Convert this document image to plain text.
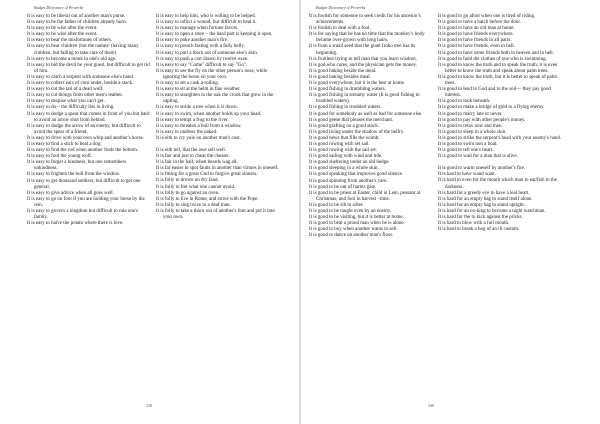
Budget Dictionary of Proverbs
It is easy to be liberal out of another man's purse.
It is easy to be the father of children already born.
It is easy to be wise after the event.
It is easy to be wise after the event.
It is easy to bear the misfortunes of others.
It is easy to bear children (but the names! (having many children, but falling to take care of them)
It is easy to become a monk in one's old age.
It is easy to bid the devil be your guest, but difficult to get rid of him.
It is easy to catch a serpent with someone else's hand.
It is easy to collect ears of corn under, beside a stack.
It is easy to cut the tail of a dead wolf.
It is easy to cut thongs from other men's leather.
It is easy to despise what you can't get.
It is easy to do – the difficulty lies in living.
It is easy to dodge a spear that comes in front of you but hard to avoid an arrow shot from behind.
It is easy to dodge the arrow of an enemy, but difficult to avoid the spear of a friend.
It is easy to drive with your own whip and another's horse.
It is easy to find a stick to beat a dog.
It is easy to find the rod when another finds the bottom.
It is easy to fool the young wolf.
It is easy to forget a kindness, but one remembers unkindness.
It is easy to frighten the bull from the window.
It is easy to get thousand soldiers, but difficult to get one general.
It is easy to give advice when all goes well.
It is easy to go on foot if you are holding your horse by the rein.
It is easy to govern a kingdom but difficult to rule one's family.
It is easy to halve the potato where there is love.
It is easy to help him, who is willing to be helped.
It is easy to inflict a wound, but difficult to heal it.
It is easy to manage when fortune favors.
It is easy to open a store – the hard part is keeping it open.
It is easy to poke another man's fire.
It is easy to preach fasting with a fully belly.
It is easy to pull a thorn out of someone else's skin.
It is easy to push a cart drawn by twelve oxen.
It is easy to say "Come" difficult to say "Go".
It is easy to see the fly on the other person's nose, while ignoring the horse on your own.
It is easy to set a cask a-rolling.
It is easy to sit at the helm in fine weather.
It is easy to straighten in the oak the crook that grew in the sapling.
It is easy to stride a tree when it is down.
It is easy to swim, when another holds up your head.
It is easy to tempt a frog to the river.
It is easy to threaten a bull from a window.
It is easy to undress the naked.
It is eith to cry yule on another man's cost.
It is eith tell, that the awe sell well.
It is fair and just to cheat the cheater.
It is fair in the hall, when beards wag all.
It is far easier to spot faults in another than virtues in oneself.
It is fitting for a great God to forgive great sinners.
It is folly to drown on dry land.
It is folly to fret what one cannot avoid.
It is folly to go against an oven.
It is folly to live in Rome, and strive with the Pope.
It is folly to sing twice to a deaf man.
It is folly to take a thorn out of another's foot and put it into your own.
338
Budget Dictionary of Proverbs
It is foolish for someone to seek credit for his ancestor's achievements.
It is foolish to deal with a fool.
It is for saying that he has no time that the monkey's body became over-grown with long hairs.
It is from a small seed that the giant Iroko tree has its beginning.
It is fruitless trying to tell man that you learn wisdom.
It is god who cures, and the physician gets the money.
It is good baking beside the meal.
It is good baking besides meal.
It is good everywhere, but it is the best at home.
It is good fishing in drumbling waters.
It is good fishing in streamy water (It is good fishing in troubled waters).
It is good fishing in troubled waters.
It is good for somebody as well as bad for someone else.
It is good geese that pleases the merchant.
It is good grafting on a good stock.
It is good living under the shadow of the belfry.
It is good news that fills the womb.
It is good rowing with set sail.
It is good rowing with the sail set.
It is good sailing with wind and tide.
It is good sheltering under an old hedge.
It is good sleeping in a whole skin.
It is good speaking that improves good silence.
It is good spinning from another's yarn.
It is good to be out of harms gate.
It is good to be priest at Easter, child in Lent, peasant at Christmas, and fool in harvest –time.
It is good to be sib to siller.
It is good to be taught even by an enemy.
It is good to be visiting, but it is better at home.
It is good to beat a proud man when he is alone.
It is good to buy when another wants to sell.
It is good to dance on another man's floor.
It is good to go afoot when one is tired of riding.
It is good to have a hatch before the door.
It is good to have an old man at home.
It is good to have friends everywhere.
It is good to have friends in all parts.
It is good to have friends, even in hell.
It is good to have some friends both in heaven and in hell.
It is good to hold the clothes of one who is swimming.
It is good to know the truth and to speak the truth; it is even better to know the truth and speak about palm trees.
It is good to know the truth, but it is better to speak of palm trees.
It is good to lend to God and to the soil— they pay good interest.
It is good to look beneath.
It is good to make a bridge of gold to a flying enemy.
It is good to marry late or never.
It is good to pay with other people's money.
It is good to relax now and then.
It is good to sleep in a whole skin.
It is good to strike the serpent's head with your enemy's hand.
It is good to swim non a boat.
It is good to tell one's heart.
It is good to wait for a man that is alive.
It is good to warm oneself by another's fire.
It is hard to have wand want.
It is hard to even for the mouth which man to eat/fish in the darkness.
It is hard for a greedy eye to have a leal heart.
It is hard for an empty bag to stand itself alone.
It is hard for an empty bag to stand upright.
It is hard for an ox-king to become a night watchman.
It is hard for the to kick against the pricks.
It is hard to blow with a full mouth.
It is hard to break a hog of an ill custom.
340
